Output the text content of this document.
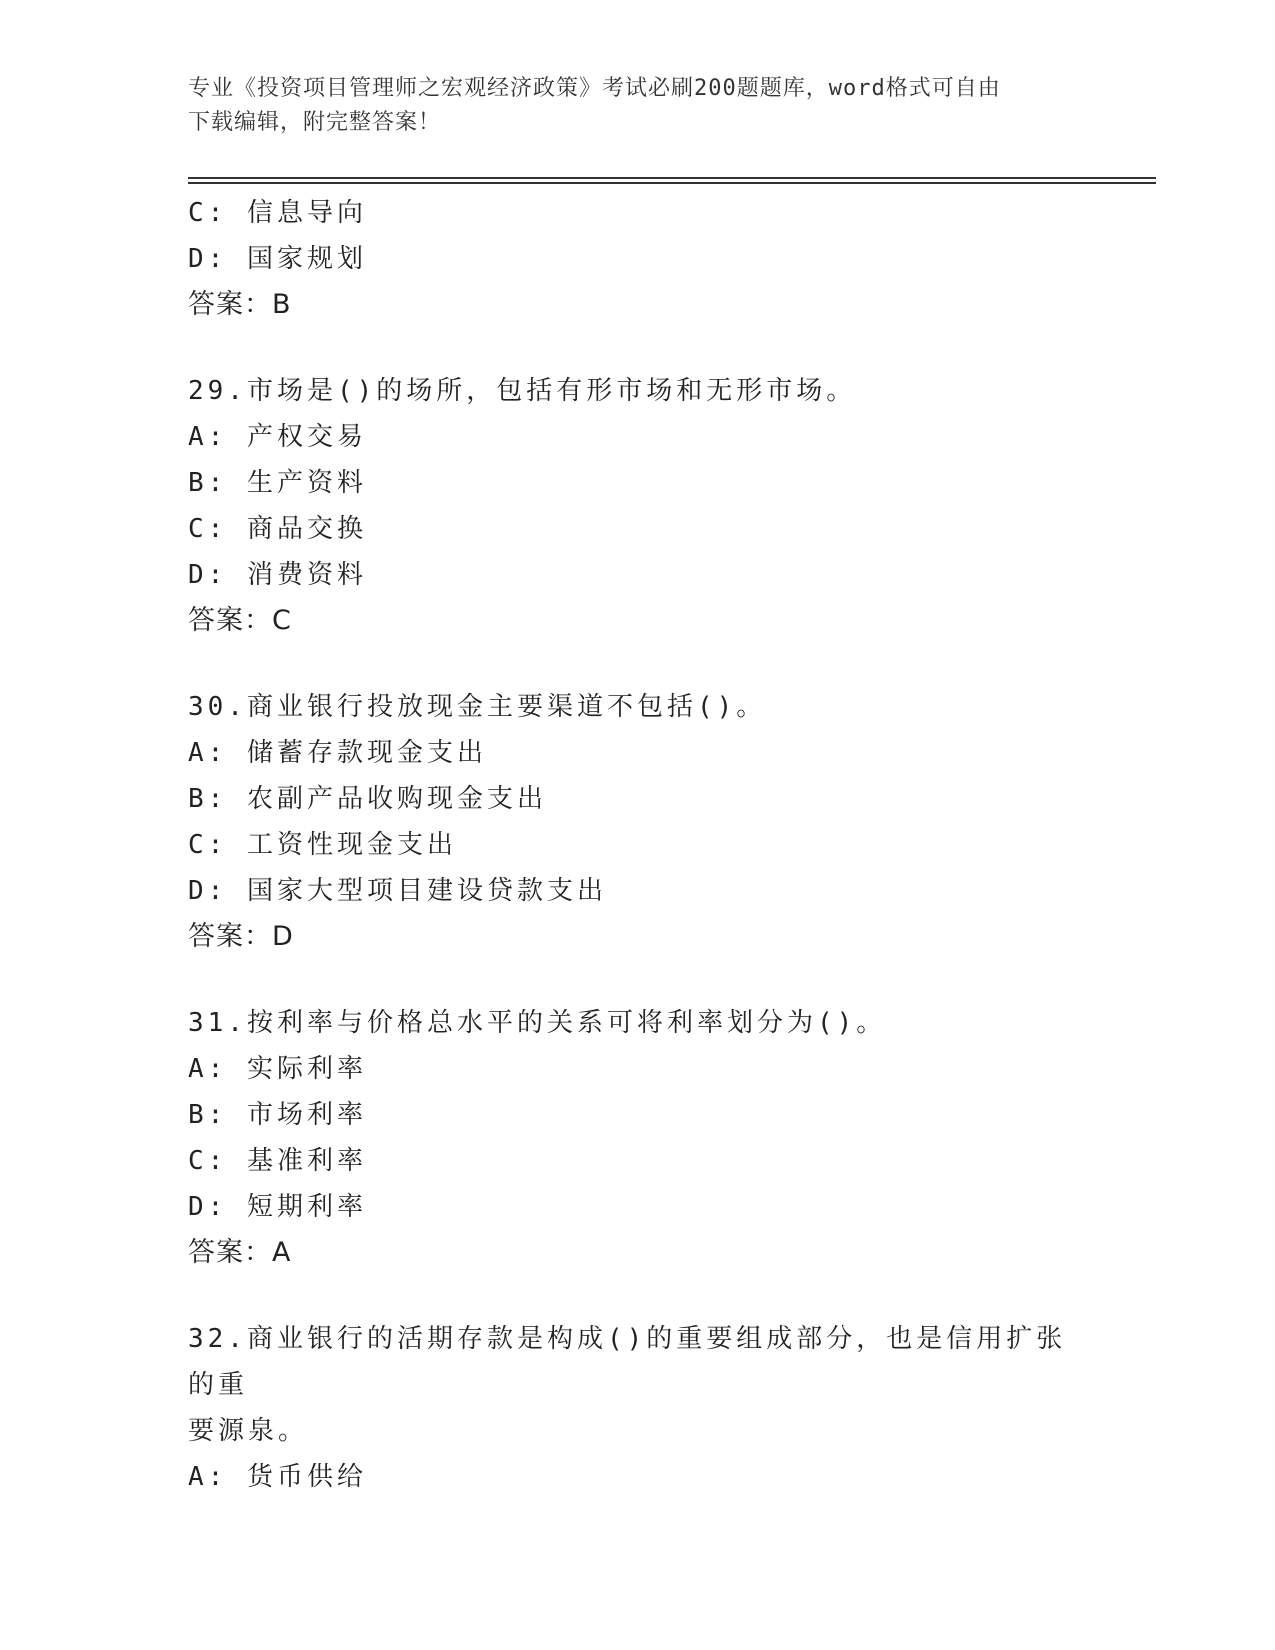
专业《投资项目管理师之宏观经济政策》考试必刷200题题库，word格式可自由
下载编辑，附完整答案！
C: 信息导向
D: 国家规划
答案：B
29.市场是()的场所，包括有形市场和无形市场。
A: 产权交易
B: 生产资料
C: 商品交换
D: 消费资料
答案：C
30.商业银行投放现金主要渠道不包括()。
A: 储蓄存款现金支出
B: 农副产品收购现金支出
C: 工资性现金支出
D: 国家大型项目建设贷款支出
答案：D
31.按利率与价格总水平的关系可将利率划分为()。
A: 实际利率
B: 市场利率
C: 基准利率
D: 短期利率
答案：A
32.商业银行的活期存款是构成()的重要组成部分，也是信用扩张的重
要源泉。
A: 货币供给
